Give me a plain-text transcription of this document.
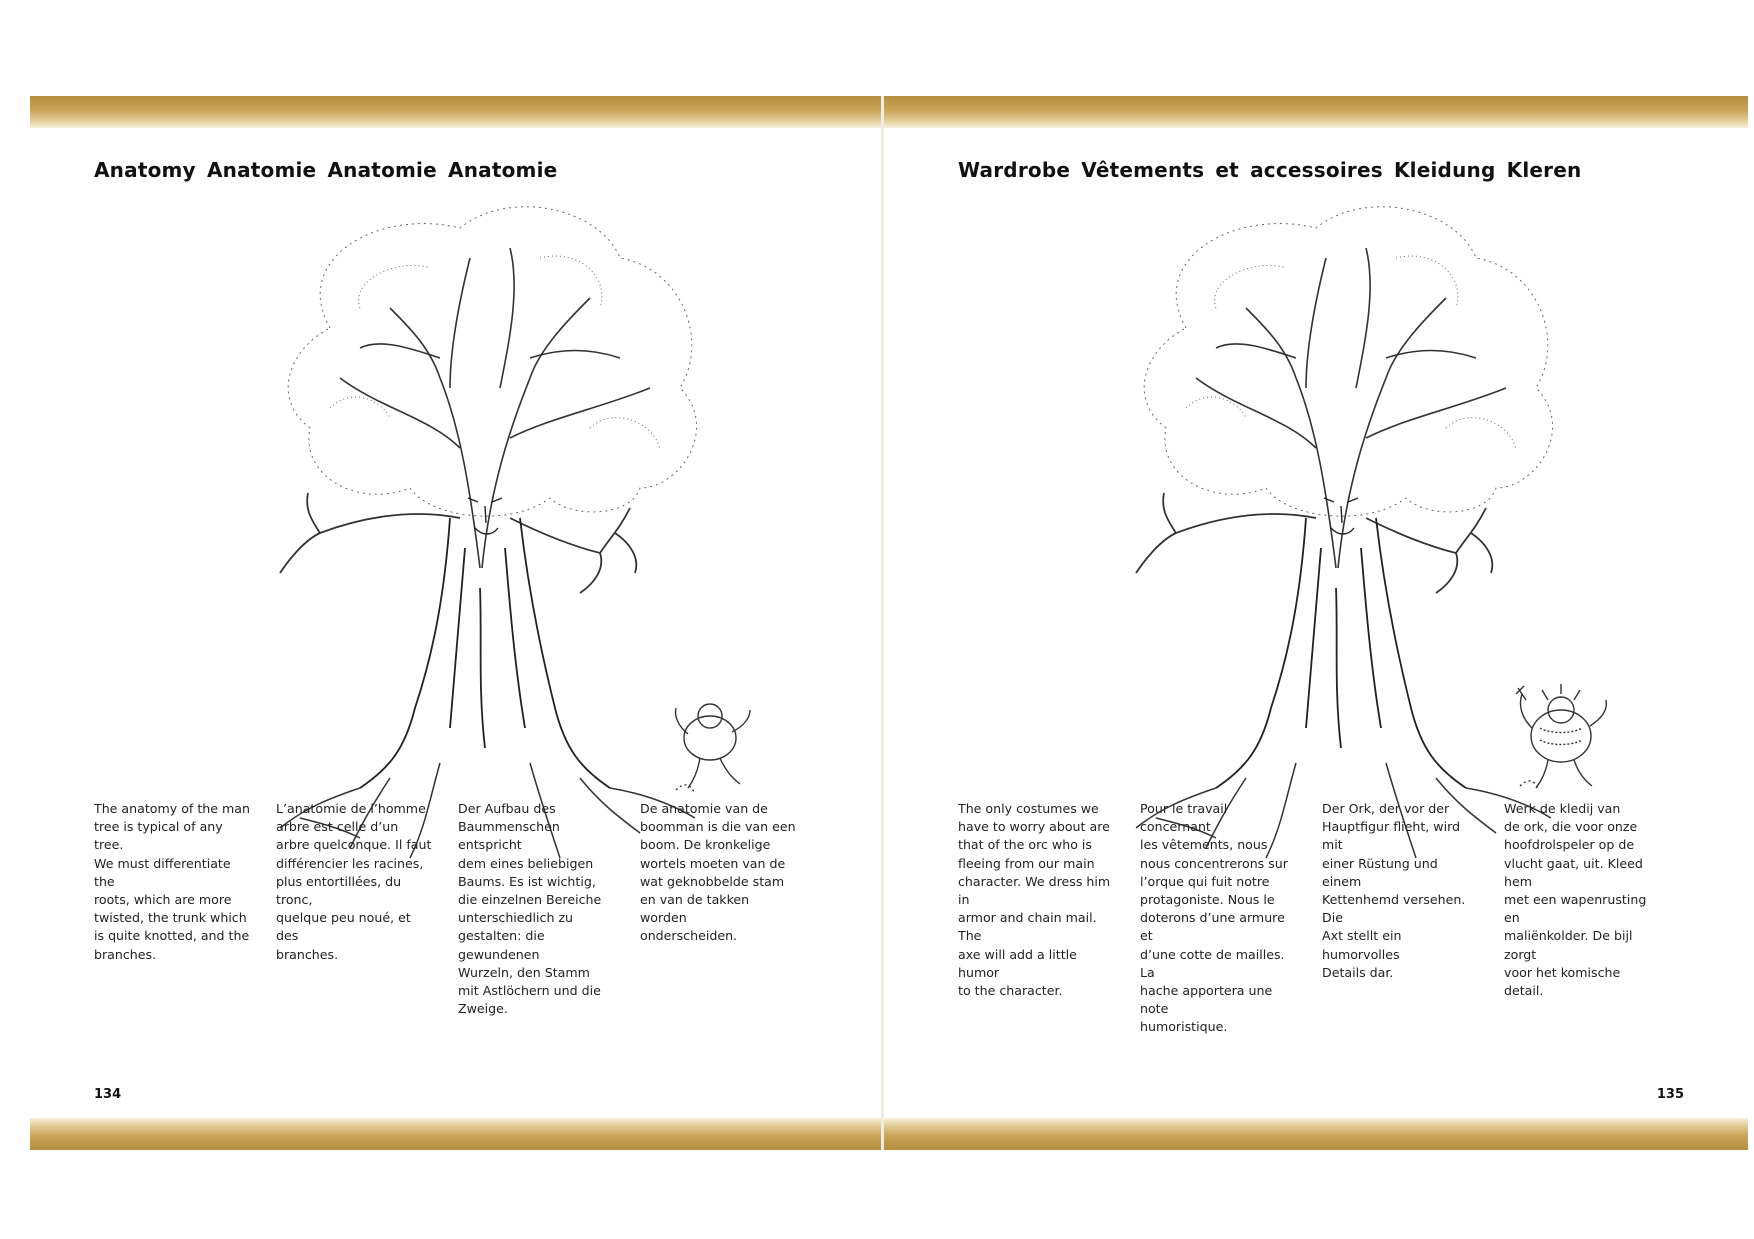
Anatomy Anatomie Anatomie Anatomie
The anatomy of the man
tree is typical of any tree.
We must differentiate the
roots, which are more
twisted, the trunk which
is quite knotted, and the
branches.
L’anatomie de l’homme
arbre est celle d’un
arbre quelconque. Il faut
différencier les racines,
plus entortillées, du tronc,
quelque peu noué, et des
branches.
Der Aufbau des
Baummenschen entspricht
dem eines beliebigen
Baums. Es ist wichtig,
die einzelnen Bereiche
unterschiedlich zu
gestalten: die gewundenen
Wurzeln, den Stamm
mit Astlöchern und die
Zweige.
De anatomie van de
boomman is die van een
boom. De kronkelige
wortels moeten van de
wat geknobbelde stam
en van de takken worden
onderscheiden.
134
Wardrobe Vêtements et accessoires Kleidung Kleren
The only costumes we
have to worry about are
that of the orc who is
fleeing from our main
character. We dress him in
armor and chain mail. The
axe will add a little humor
to the character.
Pour le travail concernant
les vêtements, nous
nous concentrerons sur
l’orque qui fuit notre
protagoniste. Nous le
doterons d’une armure et
d’une cotte de mailles. La
hache apportera une note
humoristique.
Der Ork, der vor der
Hauptfigur flieht, wird mit
einer Rüstung und einem
Kettenhemd versehen. Die
Axt stellt ein humorvolles
Details dar.
Werk de kledij van
de ork, die voor onze
hoofdrolspeler op de
vlucht gaat, uit. Kleed hem
met een wapenrusting en
maliënkolder. De bijl zorgt
voor het komische detail.
135
